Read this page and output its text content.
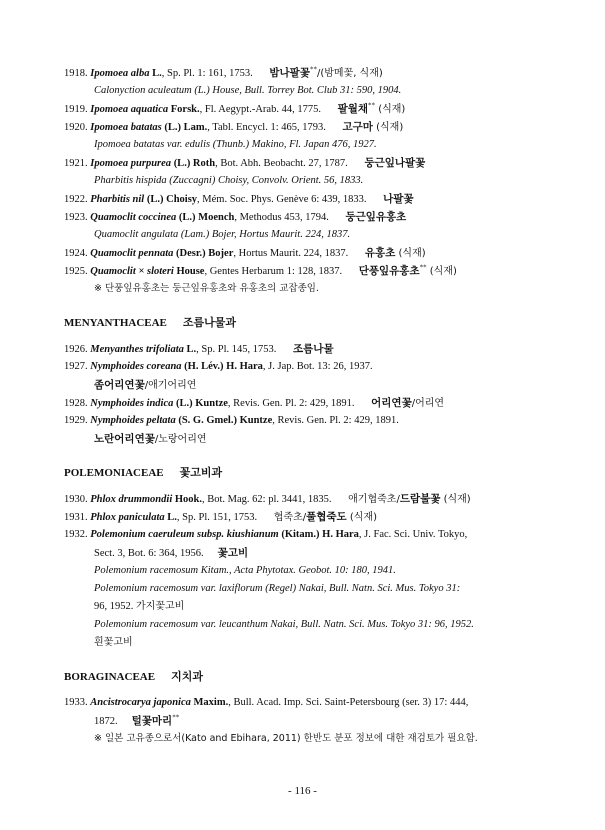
1918. Ipomoea alba L., Sp. Pl. 1: 161, 1753. 밤나팔꽃**/(밤메꽃, 식재)
Calonyction aculeatum (L.) House, Bull. Torrey Bot. Club 31: 590, 1904.
1919. Ipomoea aquatica Forsk., Fl. Aegypt.-Arab. 44, 1775. 팔월채** (식재)
1920. Ipomoea batatas (L.) Lam., Tabl. Encycl. 1: 465, 1793. 고구마 (식재)
Ipomoea batatas var. edulis (Thunb.) Makino, Fl. Japan 476, 1927.
1921. Ipomoea purpurea (L.) Roth, Bot. Abh. Beobacht. 27, 1787. 둥근잎나팔꽃
Pharbitis hispida (Zuccagni) Choisy, Convolv. Orient. 56, 1833.
1922. Pharbitis nil (L.) Choisy, Mém. Soc. Phys. Genève 6: 439, 1833. 나팔꽃
1923. Quamoclit coccinea (L.) Moench, Methodus 453, 1794. 둥근잎유홍초
Quamoclit angulata (Lam.) Bojer, Hortus Maurit. 224, 1837.
1924. Quamoclit pennata (Desr.) Bojer, Hortus Maurit. 224, 1837. 유홍초 (식재)
1925. Quamoclit × sloteri House, Gentes Herbarum 1: 128, 1837. 단풍잎유홍초** (식재)
※ 단풍잎유홍초는 둥근잎유홍초와 유홍초의 교잡종임.
MENYANTHACEAE 조름나물과
1926. Menyanthes trifoliata L., Sp. Pl. 145, 1753. 조름나물
1927. Nymphoides coreana (H. Lév.) H. Hara, J. Jap. Bot. 13: 26, 1937.
좀어리연꽃/애기어리연
1928. Nymphoides indica (L.) Kuntze, Revis. Gen. Pl. 2: 429, 1891. 어리연꽃/어리연
1929. Nymphoides peltata (S. G. Gmel.) Kuntze, Revis. Gen. Pl. 2: 429, 1891.
노란어리연꽃/노랑어리연
POLEMONIACEAE 꽃고비과
1930. Phlox drummondii Hook., Bot. Mag. 62: pl. 3441, 1835. 애기협죽초/드람불꽃 (식재)
1931. Phlox paniculata L., Sp. Pl. 151, 1753. 협죽초/풀협죽도 (식재)
1932. Polemonium caeruleum subsp. kiushianum (Kitam.) H. Hara, J. Fac. Sci. Univ. Tokyo,
Sect. 3, Bot. 6: 364, 1956. 꽃고비
Polemonium racemosum Kitam., Acta Phytotax. Geobot. 10: 180, 1941.
Polemonium racemosum var. laxiflorum (Regel) Nakai, Bull. Natn. Sci. Mus. Tokyo 31:
96, 1952. 가지꽃고비
Polemonium racemosum var. leucanthum Nakai, Bull. Natn. Sci. Mus. Tokyo 31: 96, 1952.
흰꽃고비
BORAGINACEAE 지치과
1933. Ancistrocarya japonica Maxim., Bull. Acad. Imp. Sci. Saint-Petersbourg (ser. 3) 17: 444,
1872. 털꽃마리**
※ 일본 고유종으로서(Kato and Ebihara, 2011) 한반도 분포 정보에 대한 재검토가 필요함.
- 116 -
